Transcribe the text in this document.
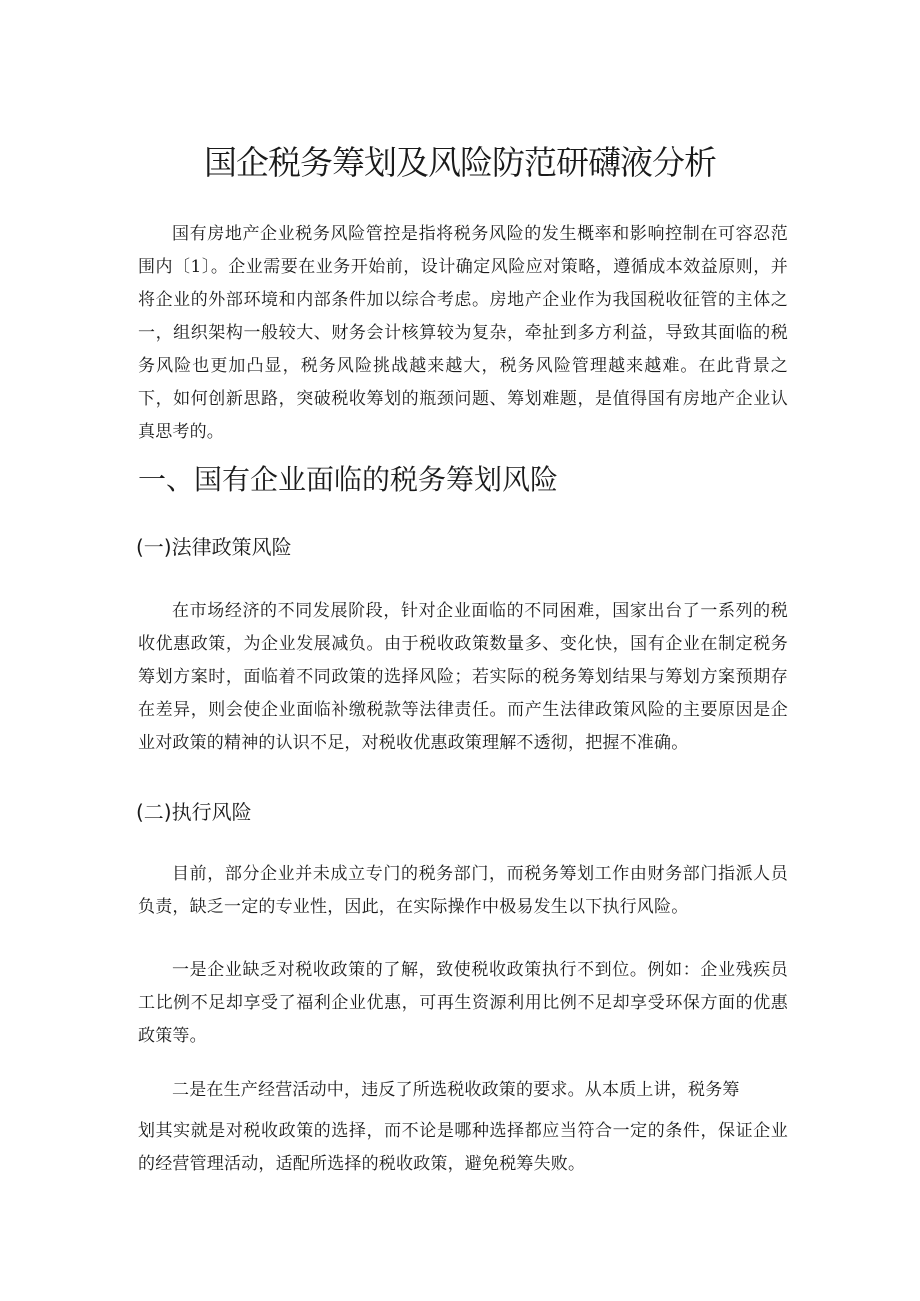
国企税务筹划及风险防范研礴液分析

国有房地产企业税务风险管控是指将税务风险的发生概率和影响控制在可容忍范围内〔1〕。企业需要在业务开始前，设计确定风险应对策略，遵循成本效益原则，并将企业的外部环境和内部条件加以综合考虑。房地产企业作为我国税收征管的主体之一，组织架构一般较大、财务会计核算较为复杂，牵扯到多方利益，导致其面临的税务风险也更加凸显，税务风险挑战越来越大，税务风险管理越来越难。在此背景之下，如何创新思路，突破税收筹划的瓶颈问题、筹划难题，是值得国有房地产企业认真思考的。

一、国有企业面临的税务筹划风险
(一)法律政策风险

在市场经济的不同发展阶段，针对企业面临的不同困难，国家出台了一系列的税收优惠政策，为企业发展减负。由于税收政策数量多、变化快，国有企业在制定税务筹划方案时，面临着不同政策的选择风险；若实际的税务筹划结果与筹划方案预期存在差异，则会使企业面临补缴税款等法律责任。而产生法律政策风险的主要原因是企业对政策的精神的认识不足，对税收优惠政策理解不透彻，把握不准确。

(二)执行风险

目前，部分企业并未成立专门的税务部门，而税务筹划工作由财务部门指派人员负责，缺乏一定的专业性，因此，在实际操作中极易发生以下执行风险。

一是企业缺乏对税收政策的了解，致使税收政策执行不到位。例如：企业残疾员工比例不足却享受了福利企业优惠，可再生资源利用比例不足却享受环保方面的优惠政策等。

二是在生产经营活动中，违反了所选税收政策的要求。从本质上讲，税务筹

划其实就是对税收政策的选择，而不论是哪种选择都应当符合一定的条件，保证企业的经营管理活动，适配所选择的税收政策，避免税筹失败。
